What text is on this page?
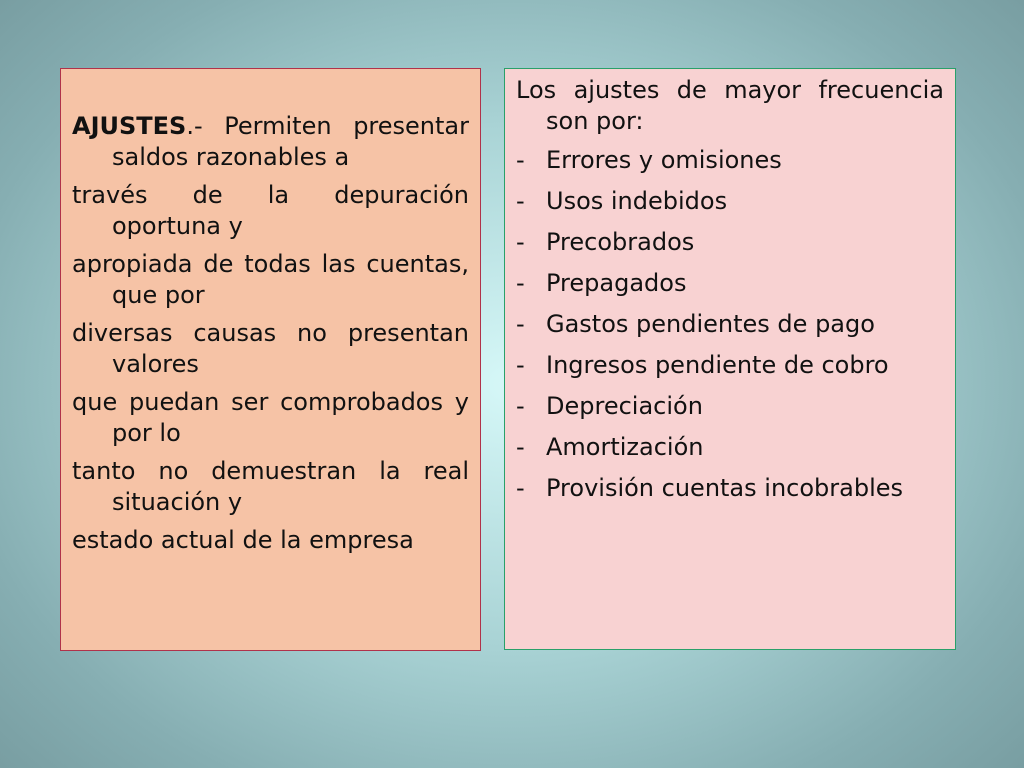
AJUSTES.- Permiten presentar saldos razonables a

través de la depuración oportuna y

apropiada de todas las cuentas, que por

diversas causas no presentan valores

que puedan ser comprobados y por lo

tanto no demuestran la real situación y

estado actual de la empresa

Los ajustes de mayor frecuencia son por:

- Errores y omisiones
- Usos indebidos
- Precobrados
- Prepagados
- Gastos pendientes de pago
- Ingresos pendiente de cobro
- Depreciación
- Amortización
- Provisión cuentas incobrables
